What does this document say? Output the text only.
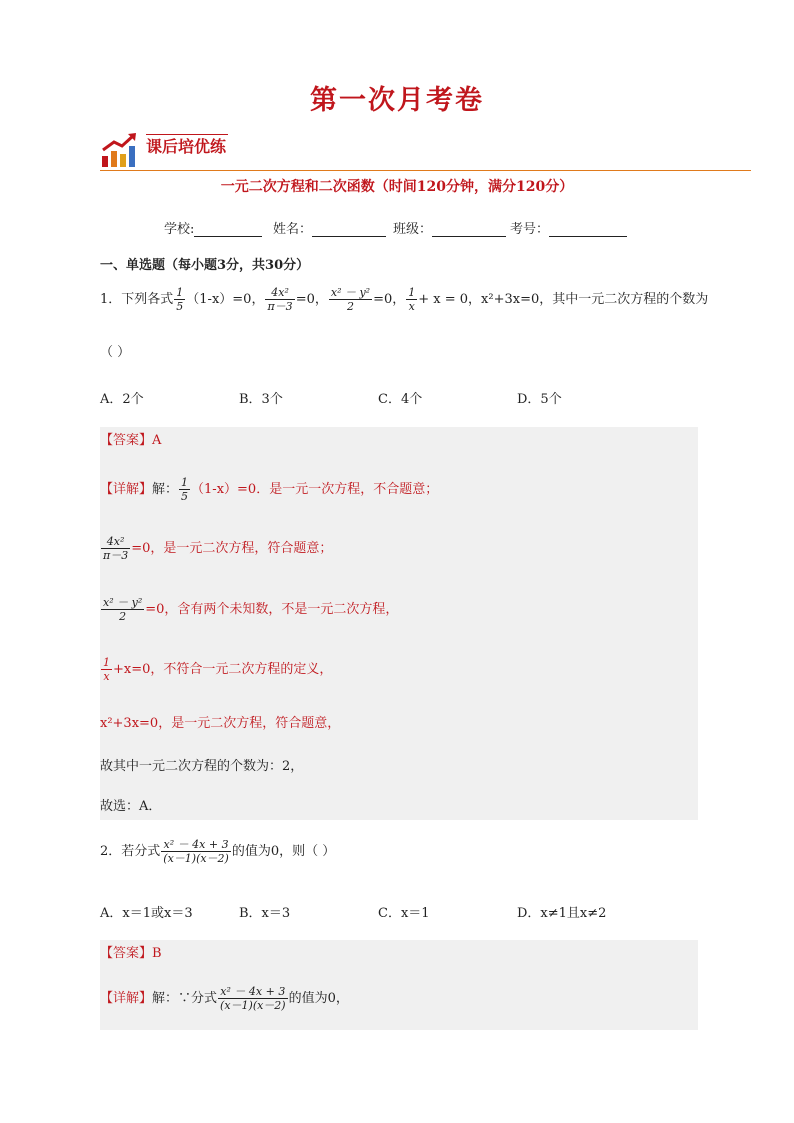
第一次月考卷
课后培优练
一元二次方程和二次函数（时间120分钟，满分120分）
学校:	姓名：	班级：	考号：
一、单选题（每小题3分，共30分）
1．下列各式 $\frac{1}{5} (1-x)=0$， $\frac{\text{4x²}}{\pi-3} =0$， $\frac{\text{x² － y²}}{2} =0$， $\frac{1}{x} + x = 0$，x²+3x=0，其中一元二次方程的个数为
（ ）
A．2个	B．3个	C．4个	D．5个
【答案】A
【详解】解： $\frac{1}{5} (1-x)=0$．是一元一次方程，不合题意；
$\frac{\text{4x²}}{\pi-3} =0$，是一元二次方程，符合题意；
$\frac{\text{x² － y²}}{2} =0$，含有两个未知数，不是一元二次方程，
$\frac{1}{x} +x=0$，不符合一元二次方程的定义，
x²+3x=0，是一元二次方程，符合题意，
故其中一元二次方程的个数为：2，
故选：A．
2．若分式 $\frac{\text{x² － 4x + 3}}{(x-1)(x-2)}$ 的值为0，则（ ）
A．x＝1或x＝3	B．x＝3	C．x＝1	D．x≠1且x≠2
【答案】B
【详解】解：∵分式 $\frac{\text{x² － 4x + 3}}{(x-1)(x-2)}$ 的值为0，
